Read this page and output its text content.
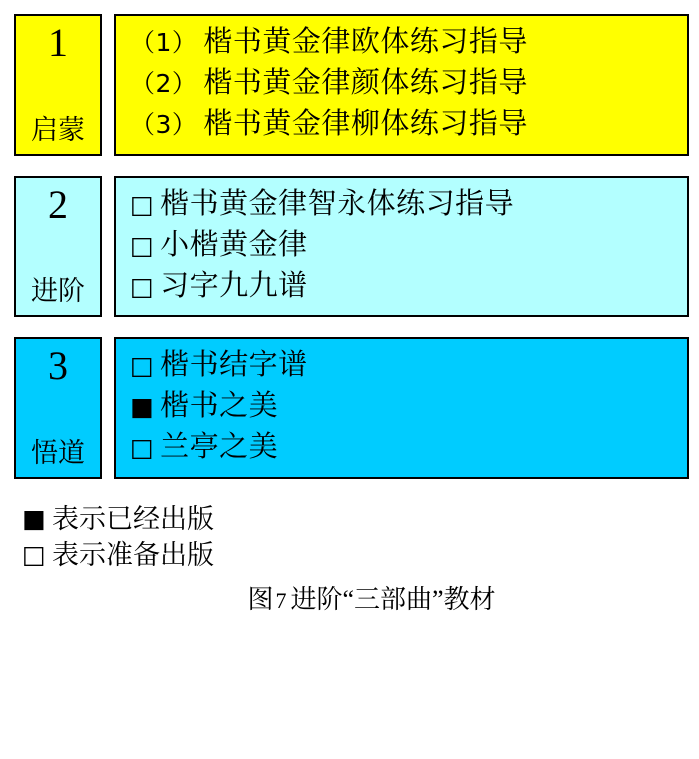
1
启蒙
（1） 楷书黄金律欧体练习指导
（2） 楷书黄金律颜体练习指导
（3） 楷书黄金律柳体练习指导
2
进阶
□ 楷书黄金律智永体练习指导
□ 小楷黄金律
□ 习字九九谱
3
悟道
□ 楷书结字谱
■ 楷书之美
□ 兰亭之美
■ 表示已经出版
□ 表示准备出版
图7 进阶“三部曲”教材
